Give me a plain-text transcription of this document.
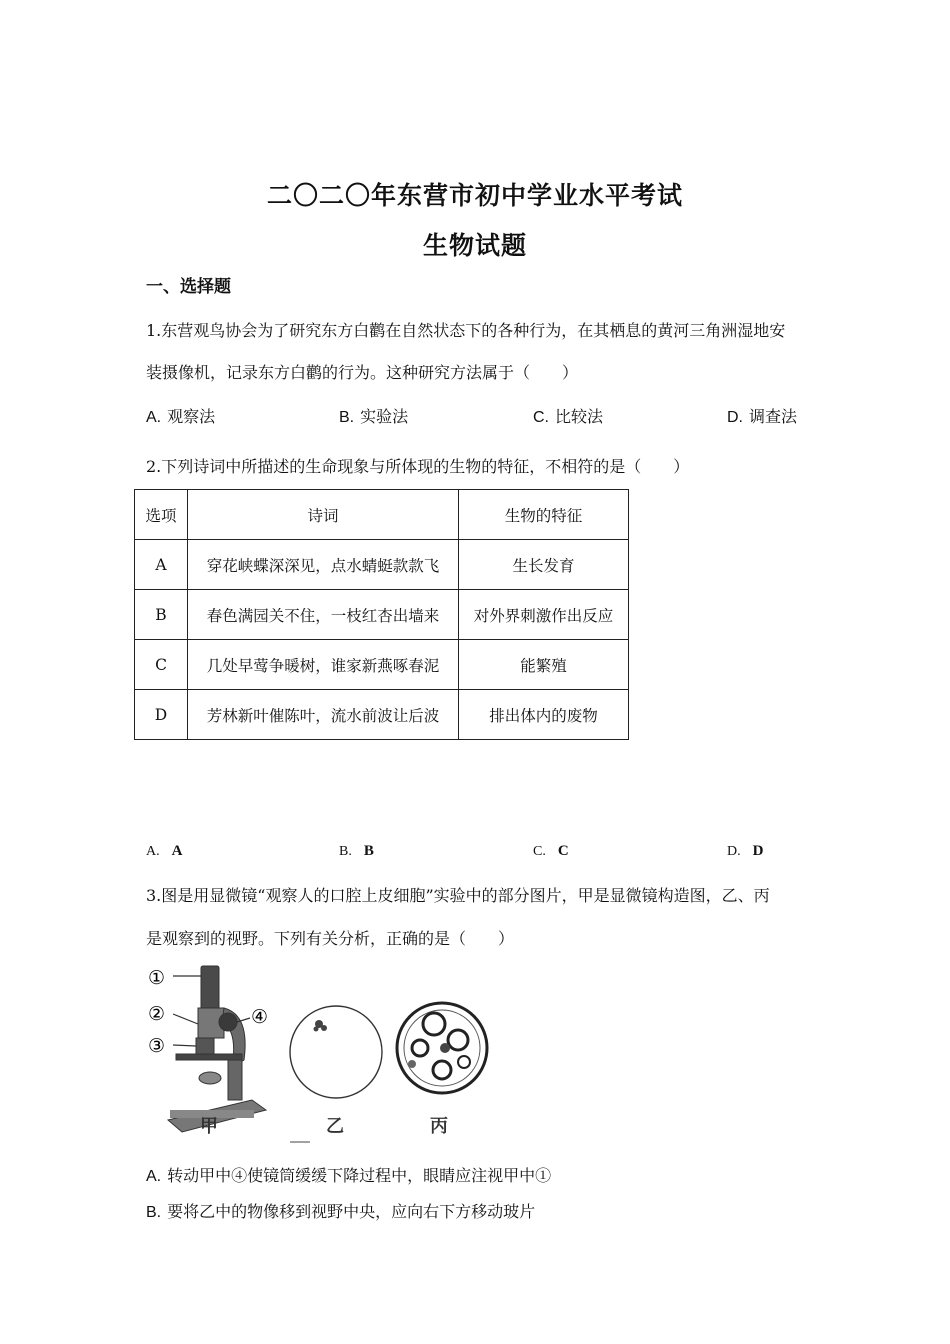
二〇二〇年东营市初中学业水平考试
生物试题
一、选择题
1.东营观鸟协会为了研究东方白鹳在自然状态下的各种行为，在其栖息的黄河三角洲湿地安
装摄像机，记录东方白鹳的行为。这种研究方法属于（　　）
A. 观察法	B. 实验法	C. 比较法	D. 调查法
2.下列诗词中所描述的生命现象与所体现的生物的特征，不相符的是（　　）
选项	诗词	生物的特征
A	穿花峡蝶深深见，点水蜻蜓款款飞	生长发育
B	春色满园关不住，一枝红杏出墙来	对外界刺激作出反应
C	几处早莺争暖树，谁家新燕啄春泥	能繁殖
D	芳林新叶催陈叶，流水前波让后波	排出体内的废物
A. A	B. B	C. C	D. D
3.图是用显微镜“观察人的口腔上皮细胞”实验中的部分图片，甲是显微镜构造图，乙、丙
是观察到的视野。下列有关分析，正确的是（　　）
①
②
③
④
甲	乙	丙
A. 转动甲中④使镜筒缓缓下降过程中，眼睛应注视甲中①
B. 要将乙中的物像移到视野中央，应向右下方移动玻片
